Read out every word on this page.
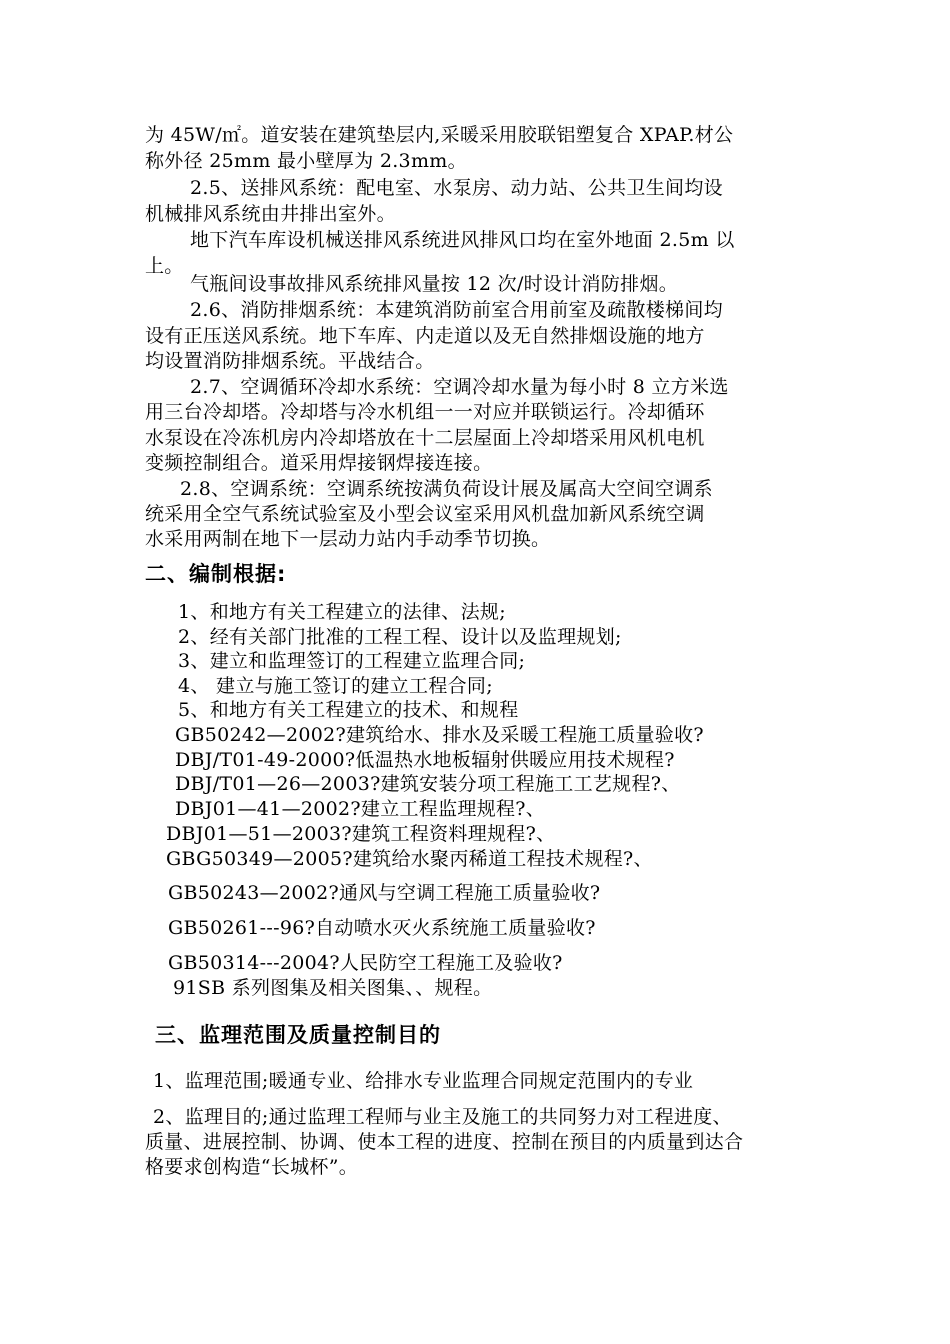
为 45W/㎡。道安装在建筑垫层内,采暖采用胶联铝塑复合 XPAP.材公
称外径 25mm 最小壁厚为 2.3mm。
2.5、送排风系统：配电室、水泵房、动力站、公共卫生间均设
机械排风系统由井排出室外。
地下汽车库设机械送排风系统进风排风口均在室外地面 2.5m 以
上。
气瓶间设事故排风系统排风量按 12 次/时设计消防排烟。
2.6、消防排烟系统：本建筑消防前室合用前室及疏散楼梯间均
设有正压送风系统。地下车库、内走道以及无自然排烟设施的地方
均设置消防排烟系统。平战结合。
2.7、空调循环冷却水系统：空调冷却水量为每小时 8 立方米选
用三台冷却塔。冷却塔与冷水机组一一对应并联锁运行。冷却循环
水泵设在冷冻机房内冷却塔放在十二层屋面上冷却塔采用风机电机
变频控制组合。道采用焊接钢焊接连接。
2.8、空调系统：空调系统按满负荷设计展及属高大空间空调系
统采用全空气系统试验室及小型会议室采用风机盘加新风系统空调
水采用两制在地下一层动力站内手动季节切换。
二、编制根据:
1、和地方有关工程建立的法律、法规;
2、经有关部门批准的工程工程、设计以及监理规划;
3、建立和监理签订的工程建立监理合同;
4、 建立与施工签订的建立工程合同;
5、和地方有关工程建立的技术、和规程
GB50242—2002?建筑给水、排水及采暖工程施工质量验收?
DBJ/T01-49-2000?低温热水地板辐射供暖应用技术规程?
DBJ/T01—26—2003?建筑安装分项工程施工工艺规程?、
DBJ01—41—2002?建立工程监理规程?、
DBJ01—51—2003?建筑工程资料理规程?、
GBG50349—2005?建筑给水聚丙稀道工程技术规程?、
GB50243—2002?通风与空调工程施工质量验收?
GB50261---96?自动喷水灭火系统施工质量验收?
GB50314---2004?人民防空工程施工及验收?
91SB 系列图集及相关图集、、规程。
三、监理范围及质量控制目的
1、监理范围;暖通专业、给排水专业监理合同规定范围内的专业
2、监理目的;通过监理工程师与业主及施工的共同努力对工程进度、
质量、进展控制、协调、使本工程的进度、控制在预目的内质量到达合
格要求创构造“长城杯”。
